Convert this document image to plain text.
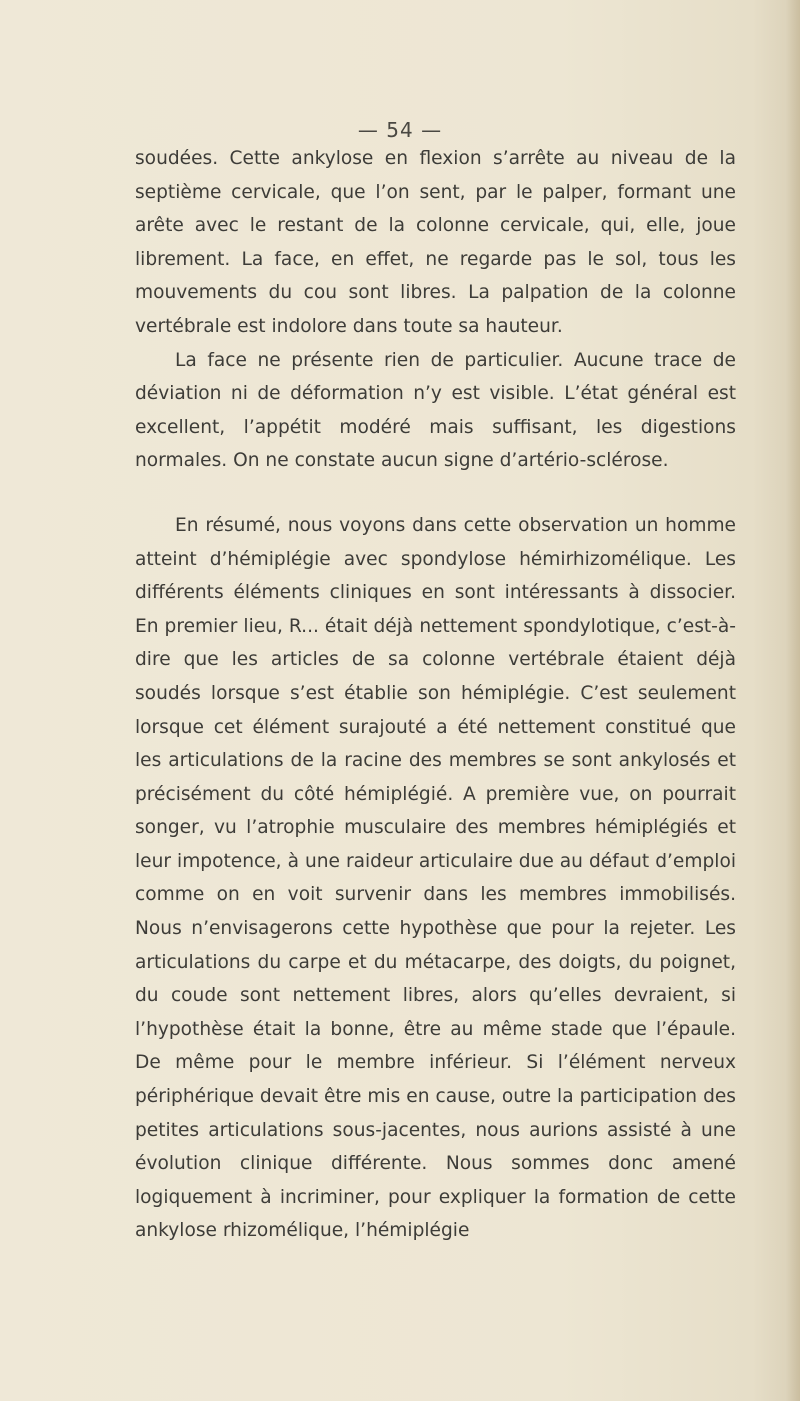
— 54 —

soudées. Cette ankylose en flexion s’arrête au niveau de la septième cervicale, que l’on sent, par le palper, formant une arête avec le restant de la colonne cervicale, qui, elle, joue librement. La face, en effet, ne regarde pas le sol, tous les mouvements du cou sont libres. La palpation de la colonne vertébrale est indolore dans toute sa hauteur.

La face ne présente rien de particulier. Aucune trace de déviation ni de déformation n’y est visible. L’état général est excellent, l’appétit modéré mais suffisant, les digestions normales. On ne constate aucun signe d’artério-sclérose.

En résumé, nous voyons dans cette observation un homme atteint d’hémiplégie avec spondylose hémirhizomélique. Les différents éléments cliniques en sont intéressants à dissocier. En premier lieu, R... était déjà nettement spondylotique, c’est-à-dire que les articles de sa colonne vertébrale étaient déjà soudés lorsque s’est établie son hémiplégie. C’est seulement lorsque cet élément surajouté a été nettement constitué que les articulations de la racine des membres se sont ankylosés et précisément du côté hémiplégié. A première vue, on pourrait songer, vu l’atrophie musculaire des membres hémiplégiés et leur impotence, à une raideur articulaire due au défaut d’emploi comme on en voit survenir dans les membres immobilisés. Nous n’envisagerons cette hypothèse que pour la rejeter. Les articulations du carpe et du métacarpe, des doigts, du poignet, du coude sont nettement libres, alors qu’elles devraient, si l’hypothèse était la bonne, être au même stade que l’épaule. De même pour le membre inférieur. Si l’élément nerveux périphérique devait être mis en cause, outre la participation des petites articulations sous-jacentes, nous aurions assisté à une évolution clinique différente. Nous sommes donc amené logiquement à incriminer, pour expliquer la formation de cette ankylose rhizomélique, l’hémiplégie
